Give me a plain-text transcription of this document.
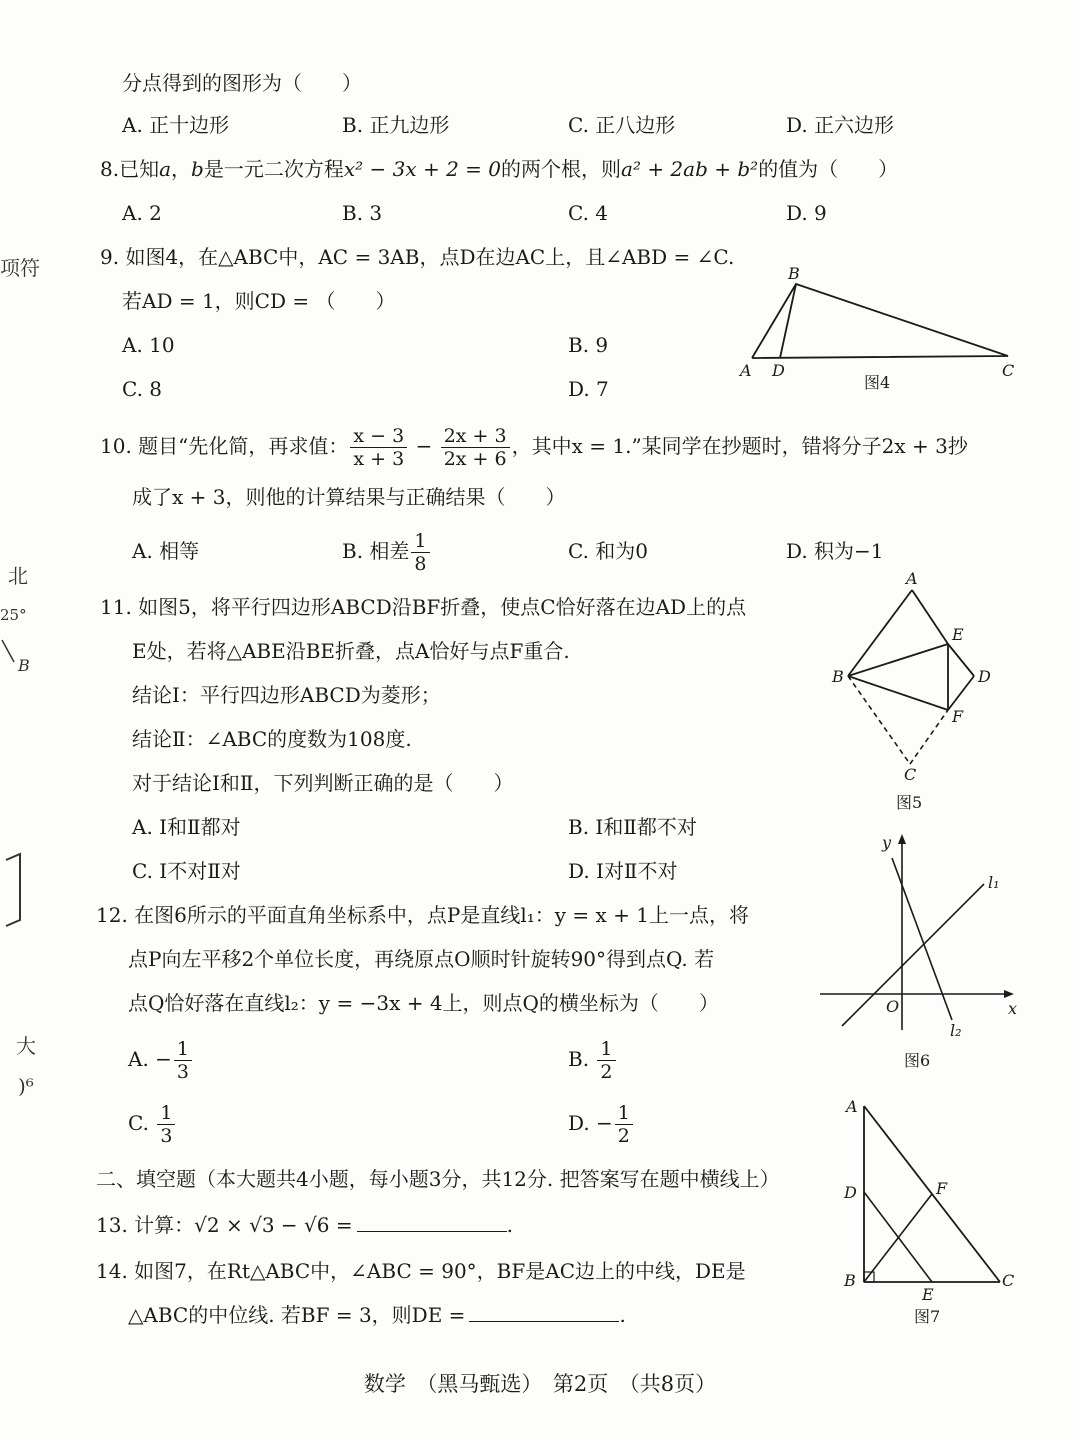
项符
北
25°
B
大
)⁶
分点得到的图形为（　　）
A. 正十边形	B. 正九边形	C. 正八边形	D. 正六边形
8.已知a，b是一元二次方程x² − 3x + 2 = 0的两个根，则a² + 2ab + b²的值为（　　）
A. 2	B. 3	C. 4	D. 9
9. 如图4，在△ABC中，AC = 3AB，点D在边AC上，且∠ABD = ∠C.
若AD = 1，则CD = （　　）
A. 10	B. 9
C. 8	D. 7
B
A D	C
图4
10. 题目“先化简，再求值： $\frac{x - 3}{x + 3} - \frac{2x + 3}{2x + 6}$ ，其中x = 1.”某同学在抄题时，错将分子2x + 3抄
成了x + 3，则他的计算结果与正确结果（　　）
A. 相等	B. 相差 $\frac{1}{8}$	C. 和为0	D. 积为−1
11. 如图5，将平行四边形ABCD沿BF折叠，使点C恰好落在边AD上的点
E处，若将△ABE沿BE折叠，点A恰好与点F重合.
结论Ⅰ：平行四边形ABCD为菱形；
结论Ⅱ：∠ABC的度数为108度.
对于结论Ⅰ和Ⅱ，下列判断正确的是（　　）
A. Ⅰ和Ⅱ都对	B. Ⅰ和Ⅱ都不对
C. Ⅰ不对Ⅱ对	D. Ⅰ对Ⅱ不对
A
E
B	D
F
C
图5
12. 在图6所示的平面直角坐标系中，点P是直线l₁：y = x + 1上一点，将
点P向左平移2个单位长度，再绕原点O顺时针旋转90°得到点Q. 若
点Q恰好落在直线l₂：y = −3x + 4上，则点Q的横坐标为（　　）
A. − $\frac{1}{3}$	B. $\frac{1}{2}$
C. $\frac{1}{3}$	D. − $\frac{1}{2}$
y
x
O
l₁
l₂
图6
二、填空题（本大题共4小题，每小题3分，共12分. 把答案写在题中横线上）
13. 计算：√2 × √3 − √6 =	.
14. 如图7，在Rt△ABC中，∠ABC = 90°，BF是AC边上的中线，DE是
△ABC的中位线. 若BF = 3，则DE =	.
A
D	F
B
E
C
图7
数学　（黑马甄选）　第2页　（共8页）
